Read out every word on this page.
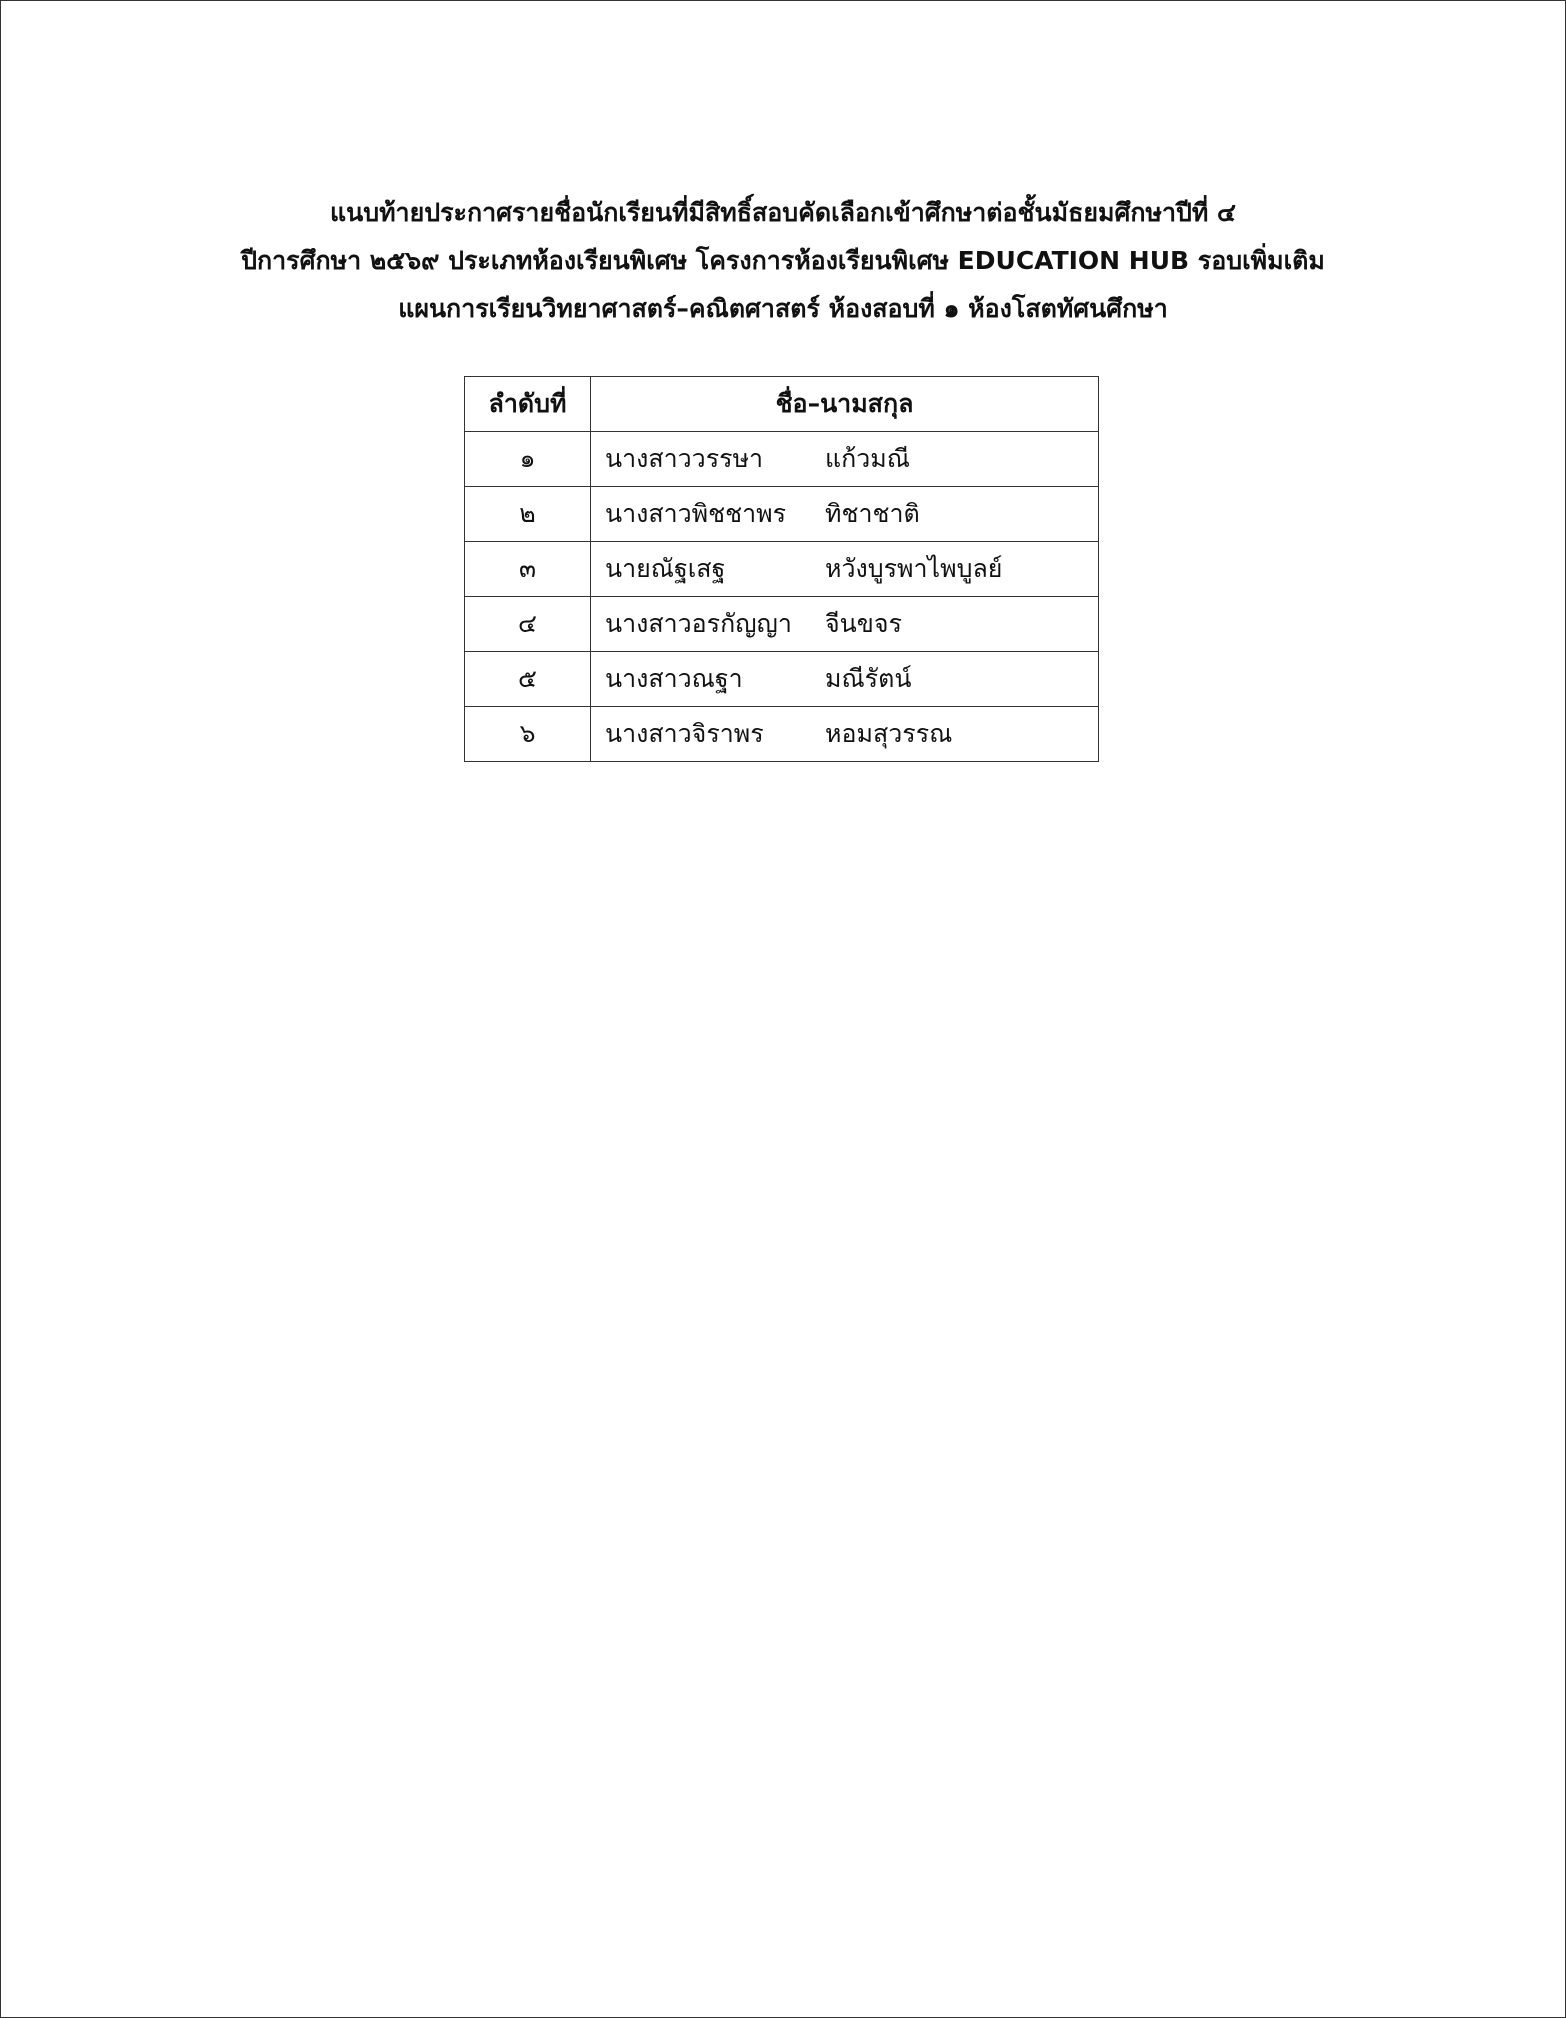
แนบท้ายประกาศรายชื่อนักเรียนที่มีสิทธิ์สอบคัดเลือกเข้าศึกษาต่อชั้นมัธยมศึกษาปีที่ ๔
ปีการศึกษา ๒๕๖๙ ประเภทห้องเรียนพิเศษ โครงการห้องเรียนพิเศษ EDUCATION HUB รอบเพิ่มเติม
แผนการเรียนวิทยาศาสตร์–คณิตศาสตร์ ห้องสอบที่ ๑ ห้องโสตทัศนศึกษา
ลำดับที่	ชื่อ–นามสกุล
๑	นางสาววรรษา แก้วมณี
๒	นางสาวพิชชาพร ทิชาชาติ
๓	นายณัฐเสฐ หวังบูรพาไพบูลย์
๔	นางสาวอรกัญญา จีนขจร
๕	นางสาวณฐา มณีรัตน์
๖	นางสาวจิราพร หอมสุวรรณ
